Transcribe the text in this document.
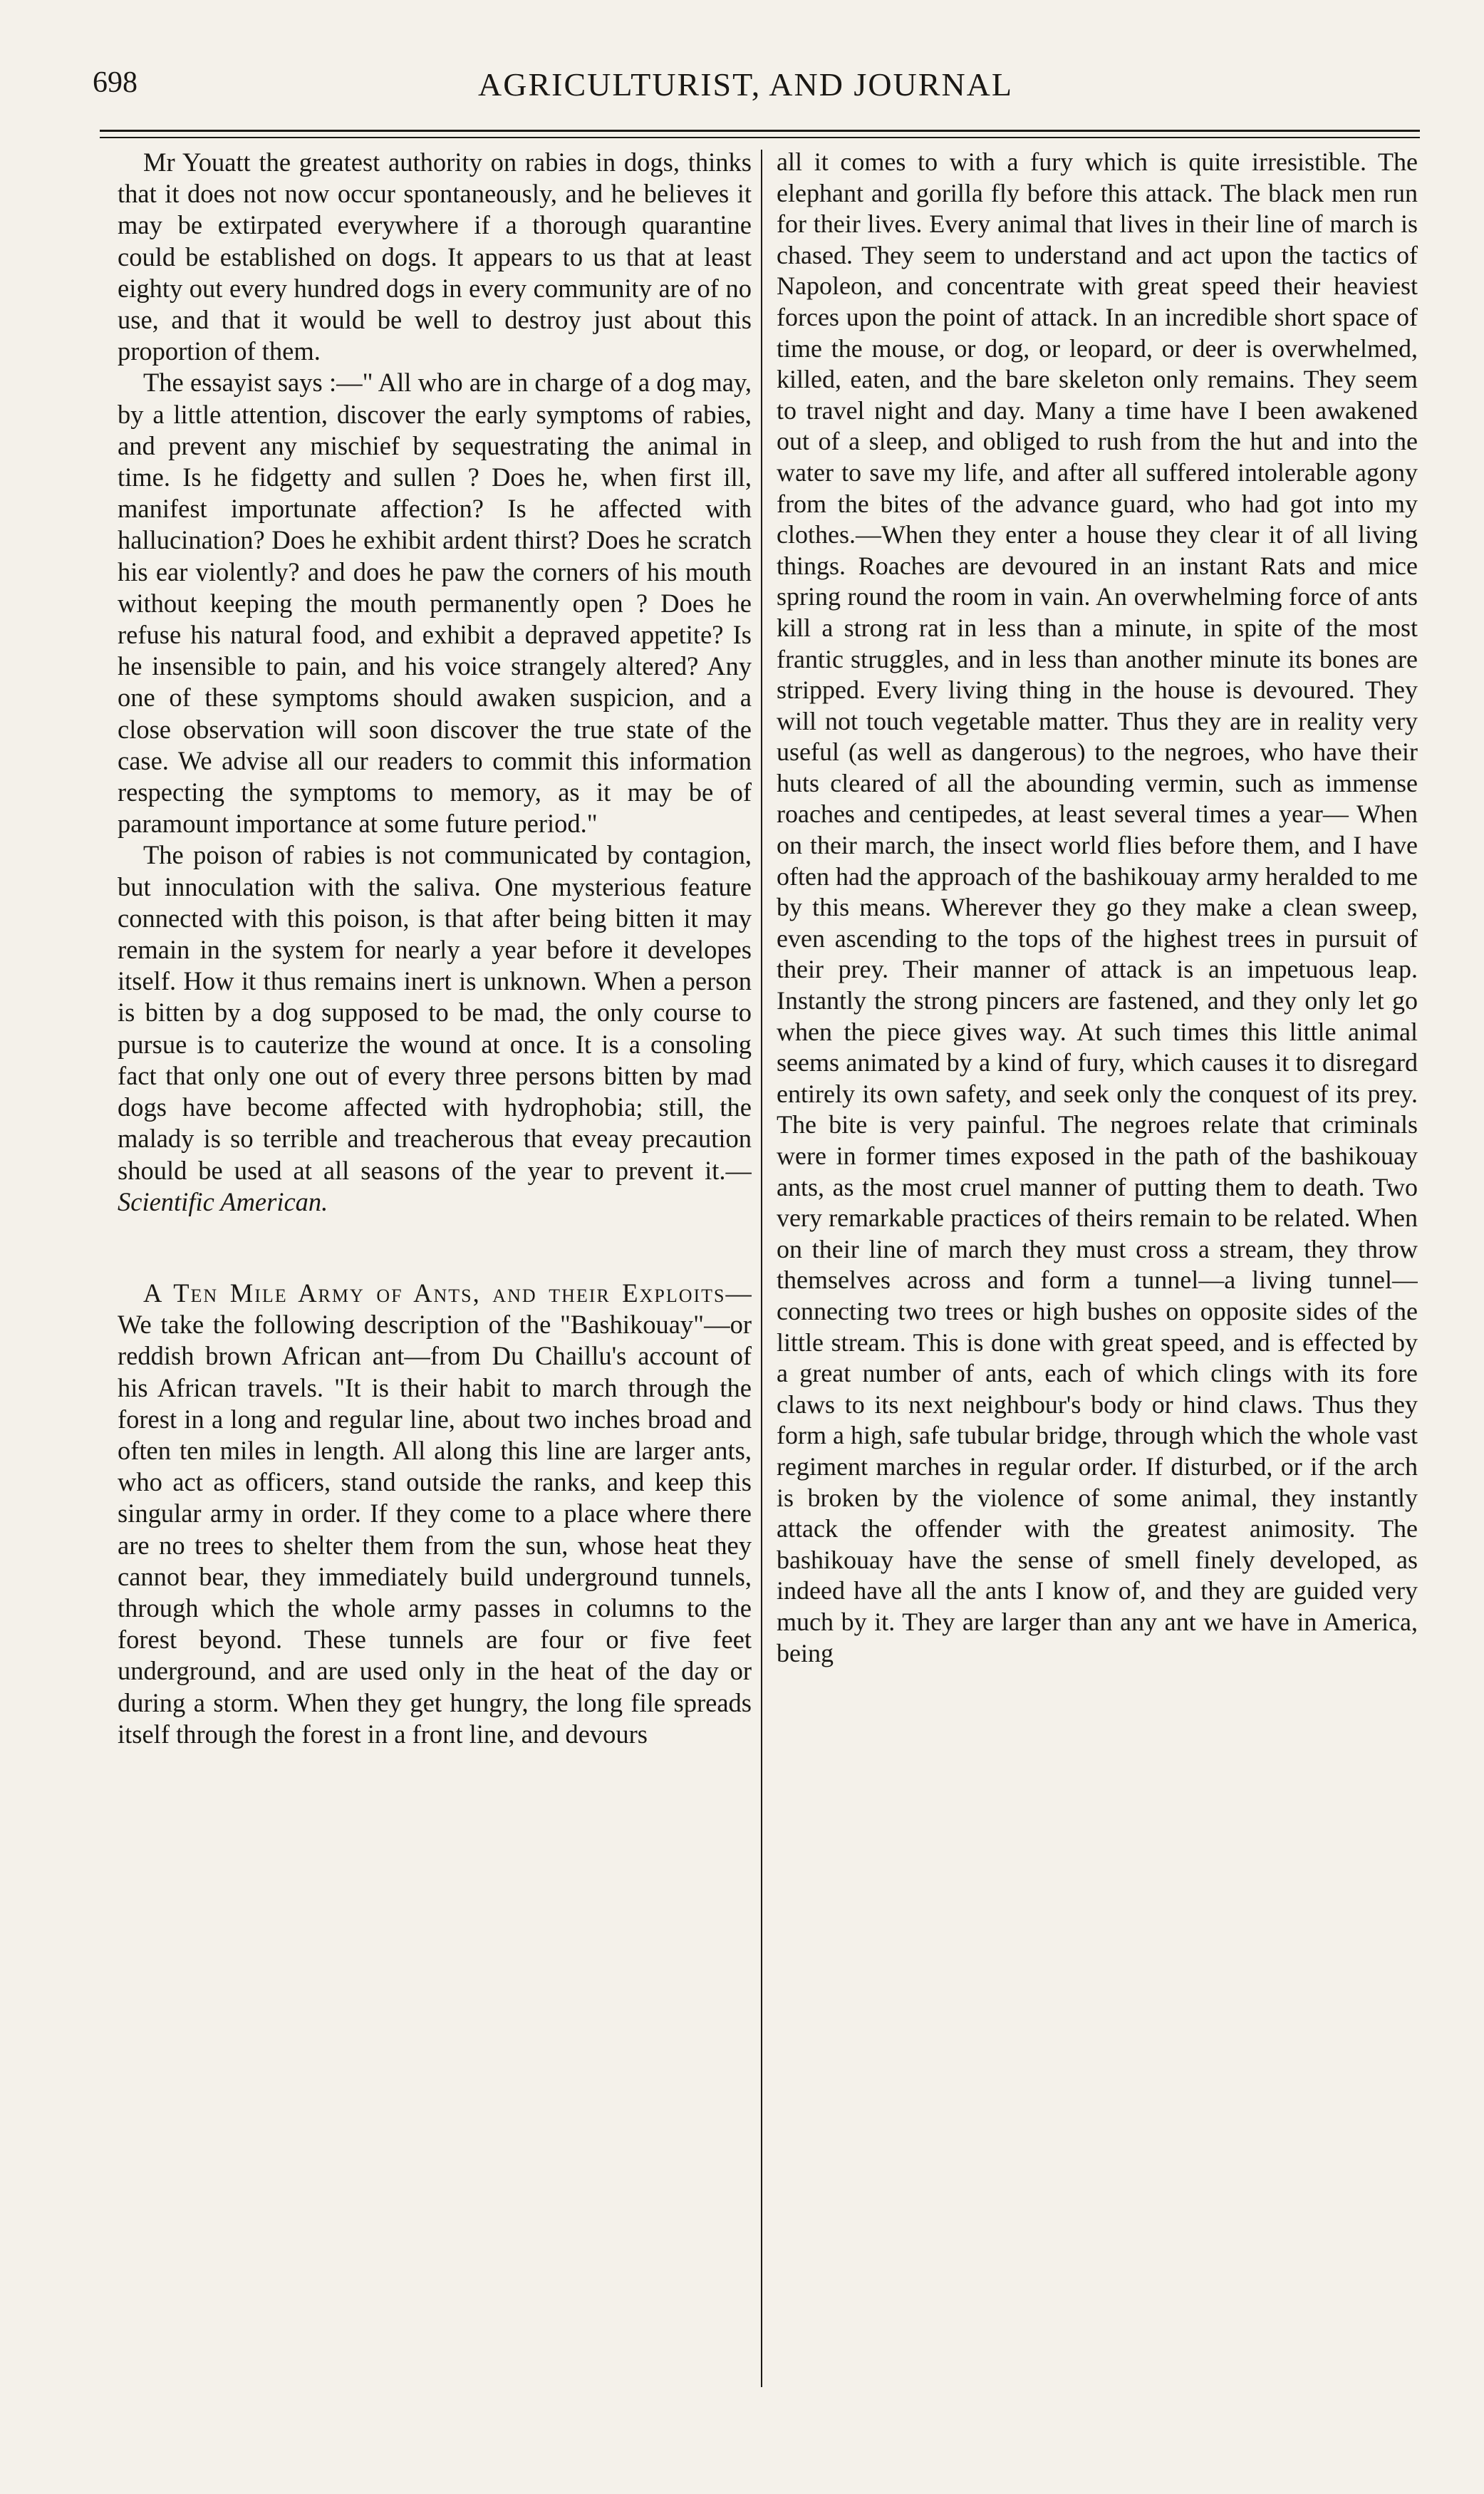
698	AGRICULTURIST, AND JOURNAL

Mr Youatt the greatest authority on rabies in dogs, thinks that it does not now occur spontaneously, and he believes it may be extirpated everywhere if a thorough quarantine could be established on dogs. It appears to us that at least eighty out every hundred dogs in every community are of no use, and that it would be well to destroy just about this proportion of them.

The essayist says :—" All who are in charge of a dog may, by a little attention, discover the early symptoms of rabies, and prevent any mischief by sequestrating the animal in time. Is he fidgetty and sullen ? Does he, when first ill, manifest importunate affection? Is he affected with hallucination? Does he exhibit ardent thirst? Does he scratch his ear violently? and does he paw the corners of his mouth without keeping the mouth permanently open ? Does he refuse his natural food, and exhibit a depraved appetite? Is he insensible to pain, and his voice strangely altered? Any one of these symptoms should awaken suspicion, and a close observation will soon discover the true state of the case. We advise all our readers to commit this information respecting the symptoms to memory, as it may be of paramount importance at some future period."

The poison of rabies is not communicated by contagion, but innoculation with the saliva. One mysterious feature connected with this poison, is that after being bitten it may remain in the system for nearly a year before it developes itself. How it thus remains inert is unknown. When a person is bitten by a dog supposed to be mad, the only course to pursue is to cauterize the wound at once. It is a consoling fact that only one out of every three persons bitten by mad dogs have become affected with hydrophobia; still, the malady is so terrible and treacherous that eveay precaution should be used at all seasons of the year to prevent it.—Scientific American.

A Ten Mile Army of Ants, and their Exploits—We take the following description of the "Bashikouay"—or reddish brown African ant—from Du Chaillu's account of his African travels. "It is their habit to march through the forest in a long and regular line, about two inches broad and often ten miles in length. All along this line are larger ants, who act as officers, stand outside the ranks, and keep this singular army in order. If they come to a place where there are no trees to shelter them from the sun, whose heat they cannot bear, they immediately build underground tunnels, through which the whole army passes in columns to the forest beyond. These tunnels are four or five feet underground, and are used only in the heat of the day or during a storm. When they get hungry, the long file spreads itself through the forest in a front line, and devours

all it comes to with a fury which is quite irresistible. The elephant and gorilla fly before this attack. The black men run for their lives. Every animal that lives in their line of march is chased. They seem to understand and act upon the tactics of Napoleon, and concentrate with great speed their heaviest forces upon the point of attack. In an incredible short space of time the mouse, or dog, or leopard, or deer is overwhelmed, killed, eaten, and the bare skeleton only remains. They seem to travel night and day. Many a time have I been awakened out of a sleep, and obliged to rush from the hut and into the water to save my life, and after all suffered intolerable agony from the bites of the advance guard, who had got into my clothes.—When they enter a house they clear it of all living things. Roaches are devoured in an instant Rats and mice spring round the room in vain. An overwhelming force of ants kill a strong rat in less than a minute, in spite of the most frantic struggles, and in less than another minute its bones are stripped. Every living thing in the house is devoured. They will not touch vegetable matter. Thus they are in reality very useful (as well as dangerous) to the negroes, who have their huts cleared of all the abounding vermin, such as immense roaches and centipedes, at least several times a year— When on their march, the insect world flies before them, and I have often had the approach of the bashikouay army heralded to me by this means. Wherever they go they make a clean sweep, even ascending to the tops of the highest trees in pursuit of their prey. Their manner of attack is an impetuous leap. Instantly the strong pincers are fastened, and they only let go when the piece gives way. At such times this little animal seems animated by a kind of fury, which causes it to disregard entirely its own safety, and seek only the conquest of its prey. The bite is very painful. The negroes relate that criminals were in former times exposed in the path of the bashikouay ants, as the most cruel manner of putting them to death. Two very remarkable practices of theirs remain to be related. When on their line of march they must cross a stream, they throw themselves across and form a tunnel—a living tunnel—connecting two trees or high bushes on opposite sides of the little stream. This is done with great speed, and is effected by a great number of ants, each of which clings with its fore claws to its next neighbour's body or hind claws. Thus they form a high, safe tubular bridge, through which the whole vast regiment marches in regular order. If disturbed, or if the arch is broken by the violence of some animal, they instantly attack the offender with the greatest animosity. The bashikouay have the sense of smell finely developed, as indeed have all the ants I know of, and they are guided very much by it. They are larger than any ant we have in America, being
